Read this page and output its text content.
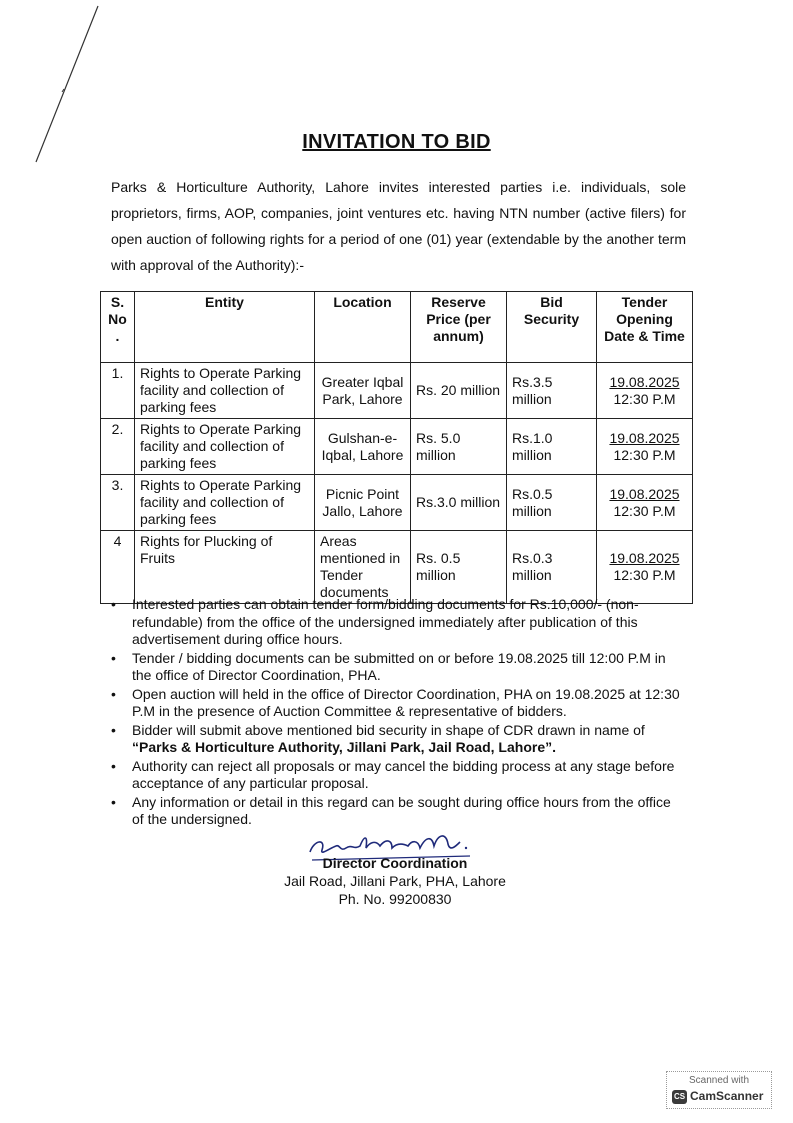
INVITATION TO BID
Parks & Horticulture Authority, Lahore invites interested parties i.e. individuals, sole proprietors, firms, AOP, companies, joint ventures etc. having NTN number (active filers) for open auction of following rights for a period of one (01) year (extendable by the another term with approval of the Authority):-
S. No .	Entity	Location	Reserve Price (per annum)	Bid Security	Tender Opening Date & Time
1.	Rights to Operate Parking facility and collection of parking fees	Greater Iqbal Park, Lahore	Rs. 20 million	Rs.3.5 million	19.08.2025
12:30 P.M
2.	Rights to Operate Parking facility and collection of parking fees	Gulshan-e-Iqbal, Lahore	Rs. 5.0 million	Rs.1.0 million	19.08.2025
12:30 P.M
3.	Rights to Operate Parking facility and collection of parking fees	Picnic Point Jallo, Lahore	Rs.3.0 million	Rs.0.5 million	19.08.2025
12:30 P.M
4	Rights for Plucking of Fruits	Areas mentioned in Tender documents	Rs. 0.5 million	Rs.0.3 million	19.08.2025
12:30 P.M
• Interested parties can obtain tender form/bidding documents for Rs.10,000/- (non-refundable) from the office of the undersigned immediately after publication of this advertisement during office hours.
• Tender / bidding documents can be submitted on or before 19.08.2025 till 12:00 P.M in the office of Director Coordination, PHA.
• Open auction will held in the office of Director Coordination, PHA on 19.08.2025 at 12:30 P.M in the presence of Auction Committee & representative of bidders.
• Bidder will submit above mentioned bid security in shape of CDR drawn in name of “Parks & Horticulture Authority, Jillani Park, Jail Road, Lahore”.
• Authority can reject all proposals or may cancel the bidding process at any stage before acceptance of any particular proposal.
• Any information or detail in this regard can be sought during office hours from the office of the undersigned.
Director Coordination
Jail Road, Jillani Park, PHA, Lahore
Ph. No. 99200830
Scanned with
CS CamScanner
